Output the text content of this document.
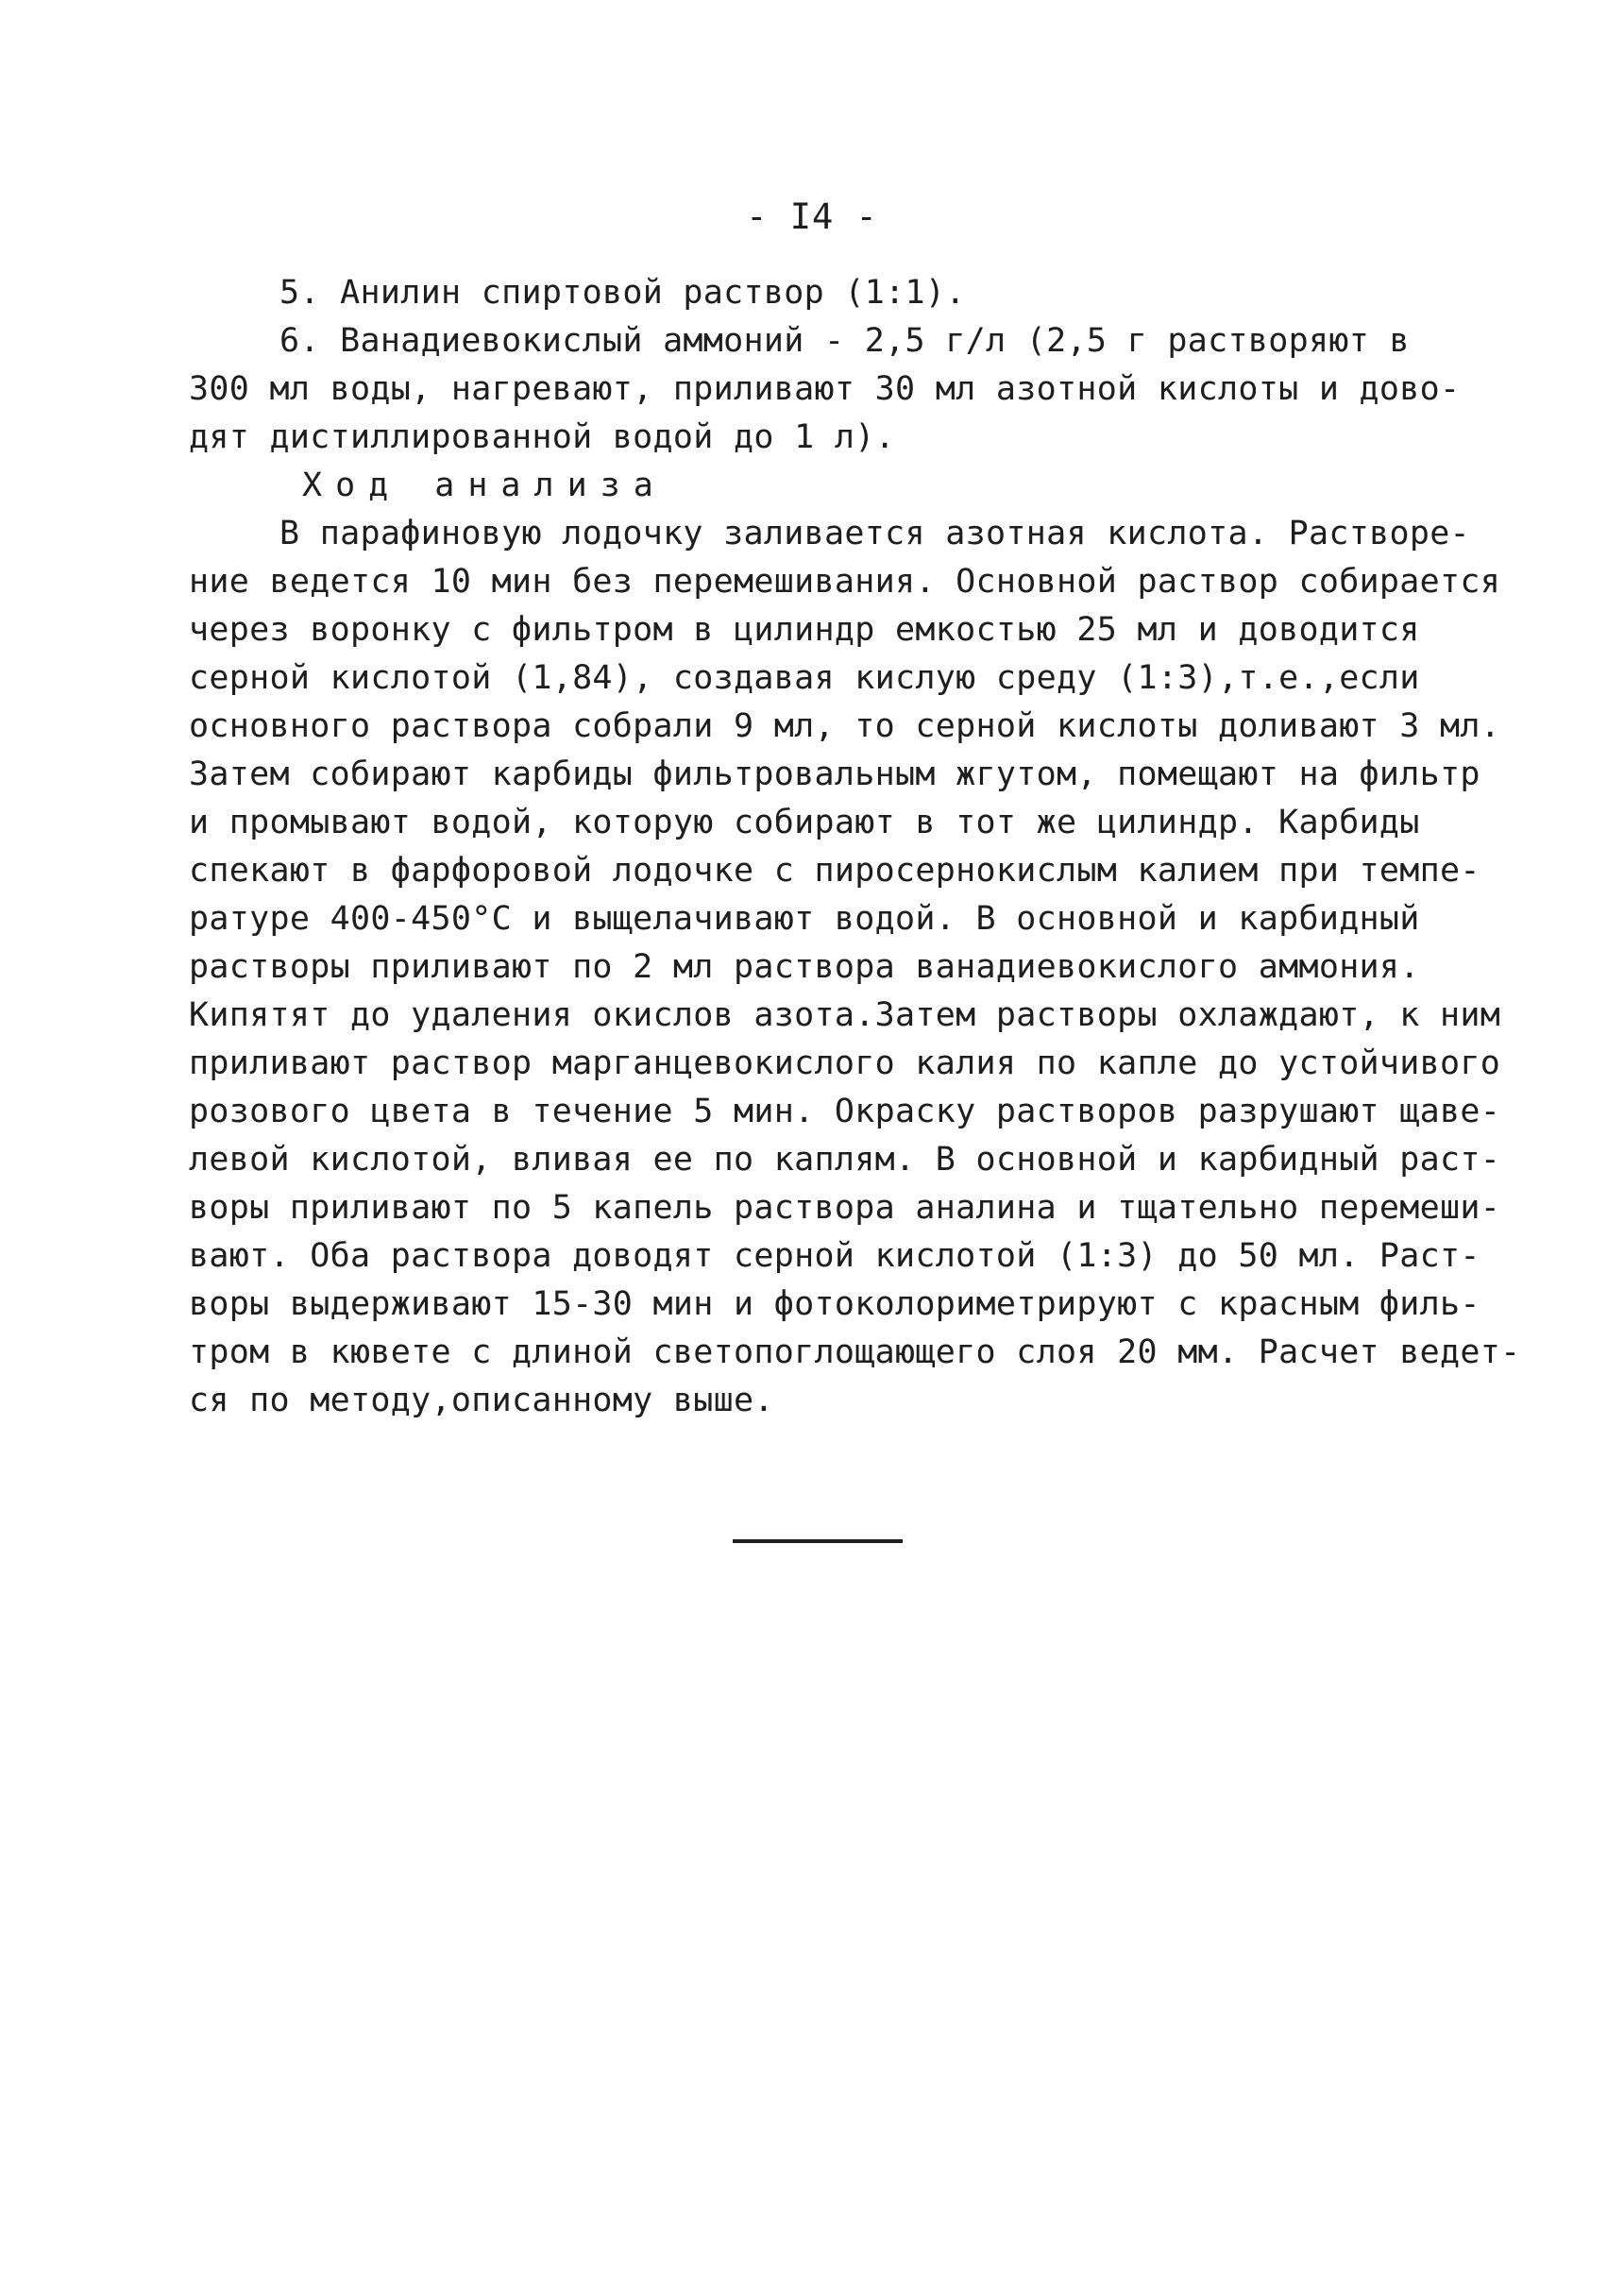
- I4 -
5. Анилин спиртовой раствор (1:1).
6. Ванадиевокислый аммоний - 2,5 г/л (2,5 г растворяют в
300 мл воды, нагревают, приливают 30 мл азотной кислоты и дово-
дят дистиллированной водой до 1 л).
Ход анализа
В парафиновую лодочку заливается азотная кислота. Растворе-
ние ведется 10 мин без перемешивания. Основной раствор собирается
через воронку с фильтром в цилиндр емкостью 25 мл и доводится
серной кислотой (1,84), создавая кислую среду (1:3),т.е.,если
основного раствора собрали 9 мл, то серной кислоты доливают 3 мл.
Затем собирают карбиды фильтровальным жгутом, помещают на фильтр
и промывают водой, которую собирают в тот же цилиндр. Карбиды
спекают в фарфоровой лодочке с пиросернокислым калием при темпе-
ратуре 400-450°С и выщелачивают водой. В основной и карбидный
растворы приливают по 2 мл раствора ванадиевокислого аммония.
Кипятят до удаления окислов азота.Затем растворы охлаждают, к ним
приливают раствор марганцевокислого калия по капле до устойчивого
розового цвета в течение 5 мин. Окраску растворов разрушают щаве-
левой кислотой, вливая ее по каплям. В основной и карбидный раст-
воры приливают по 5 капель раствора аналина и тщательно перемеши-
вают. Оба раствора доводят серной кислотой (1:3) до 50 мл. Раст-
воры выдерживают 15-30 мин и фотоколориметрируют с красным филь-
тром в кювете с длиной светопоглощающего слоя 20 мм. Расчет ведет-
ся по методу,описанному выше.
